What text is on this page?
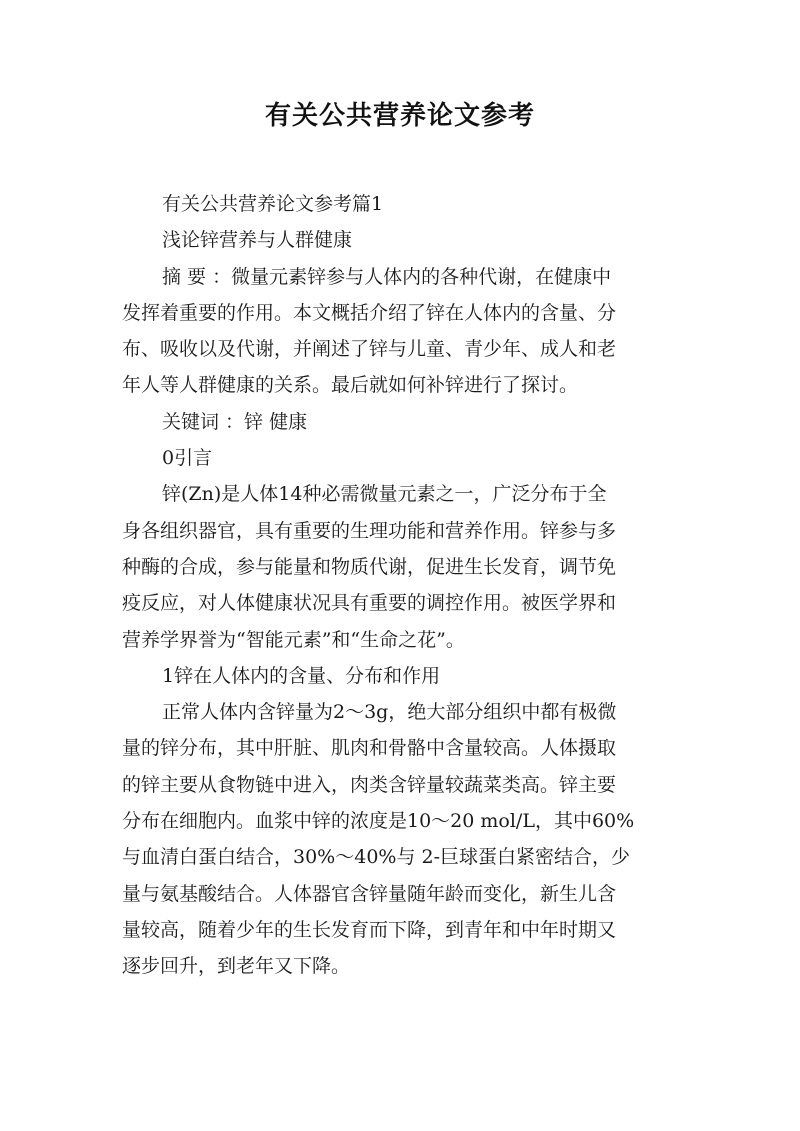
有关公共营养论文参考
有关公共营养论文参考篇1
浅论锌营养与人群健康
摘 要 ：微量元素锌参与人体内的各种代谢，在健康中
发挥着重要的作用。本文概括介绍了锌在人体内的含量、分
布、吸收以及代谢，并阐述了锌与儿童、青少年、成人和老
年人等人群健康的关系。最后就如何补锌进行了探讨。
关键词 ：锌 健康
0引言
锌(Zn)是人体14种必需微量元素之一，广泛分布于全
身各组织器官，具有重要的生理功能和营养作用。锌参与多
种酶的合成，参与能量和物质代谢，促进生长发育，调节免
疫反应，对人体健康状况具有重要的调控作用。被医学界和
营养学界誉为“智能元素”和“生命之花”。
1锌在人体内的含量、分布和作用
正常人体内含锌量为2～3g，绝大部分组织中都有极微
量的锌分布，其中肝脏、肌肉和骨骼中含量较高。人体摄取
的锌主要从食物链中进入，肉类含锌量较蔬菜类高。锌主要
分布在细胞内。血浆中锌的浓度是10～20 mol/L，其中60%
与血清白蛋白结合，30%～40%与 2-巨球蛋白紧密结合，少
量与氨基酸结合。人体器官含锌量随年龄而变化，新生儿含
量较高，随着少年的生长发育而下降，到青年和中年时期又
逐步回升，到老年又下降。
